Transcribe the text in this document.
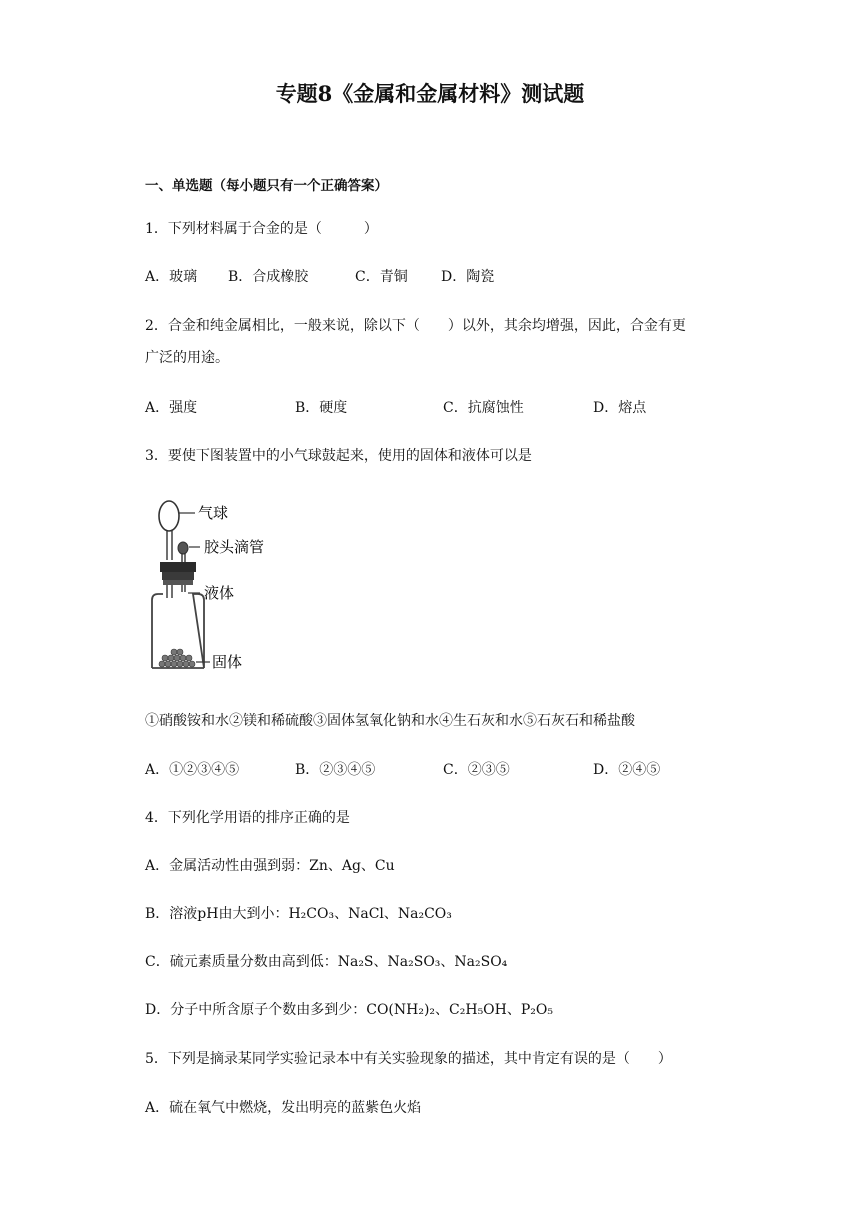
专题8《金属和金属材料》测试题
一、单选题（每小题只有一个正确答案）
1．下列材料属于合金的是（　　　）
A．玻璃 B．合成橡胶	C．青铜 D．陶瓷
2．合金和纯金属相比，一般来说，除以下（　　）以外，其余均增强，因此，合金有更
广泛的用途。
A．强度	B．硬度	C．抗腐蚀性	D．熔点
3．要使下图装置中的小气球鼓起来，使用的固体和液体可以是
气球
胶头滴管
液体
固体
①硝酸铵和水②镁和稀硫酸③固体氢氧化钠和水④生石灰和水⑤石灰石和稀盐酸
A．①②③④⑤	B．②③④⑤	C．②③⑤	D．②④⑤
4．下列化学用语的排序正确的是
A．金属活动性由强到弱：Zn、Ag、Cu
B．溶液pH由大到小：H₂CO₃、NaCl、Na₂CO₃
C．硫元素质量分数由高到低：Na₂S、Na₂SO₃、Na₂SO₄
D．分子中所含原子个数由多到少：CO(NH₂)₂、C₂H₅OH、P₂O₅
5．下列是摘录某同学实验记录本中有关实验现象的描述，其中肯定有误的是（　　）
A．硫在氧气中燃烧，发出明亮的蓝紫色火焰
